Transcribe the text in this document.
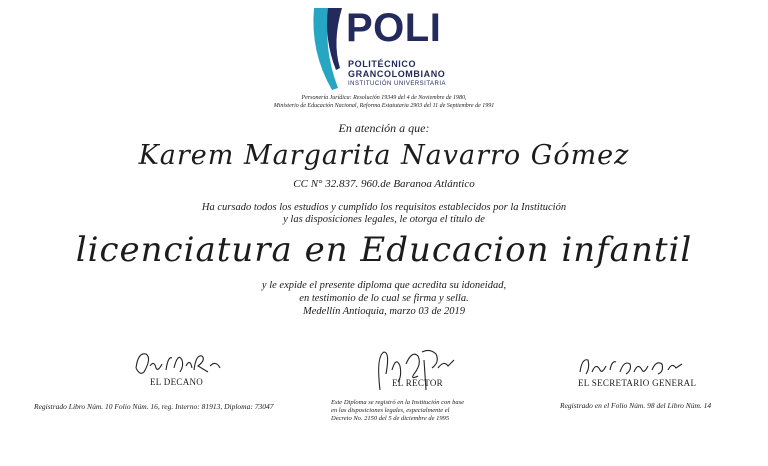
POLI
POLITÉCNICO
GRANCOLOMBIANO
INSTITUCIÓN UNIVERSITARIA
Personería Jurídica: Resolución 19349 del 4 de Noviembre de 1980,
Ministerio de Educación Nacional, Reforma Estatutaria 2903 del 11 de Septiembre de 1991
En atención a que:
Karem Margarita Navarro Gómez
CC N° 32.837. 960.de Baranoa Atlántico
Ha cursado todos los estudios y cumplido los requisitos establecidos por la Institución
y las disposiciones legales, le otorga el título de
licenciatura en Educacion infantil
y le expide el presente diploma que acredita su idoneidad,
en testimonio de lo cual se firma y sella.
Medellín Antioquia, marzo 03 de 2019
EL DECANO	EL RECTOR	EL SECRETARIO GENERAL
Registrado Libro Núm. 10 Folio Núm. 16, reg. Interno: 81913, Diploma: 73047	Este Diploma se registró en la Institución con base
en las disposiciones legales, especialmente el
Decreto No. 2150 del 5 de diciembre de 1995
Registrado en el Folio Núm. 98 del Libro Núm. 14
